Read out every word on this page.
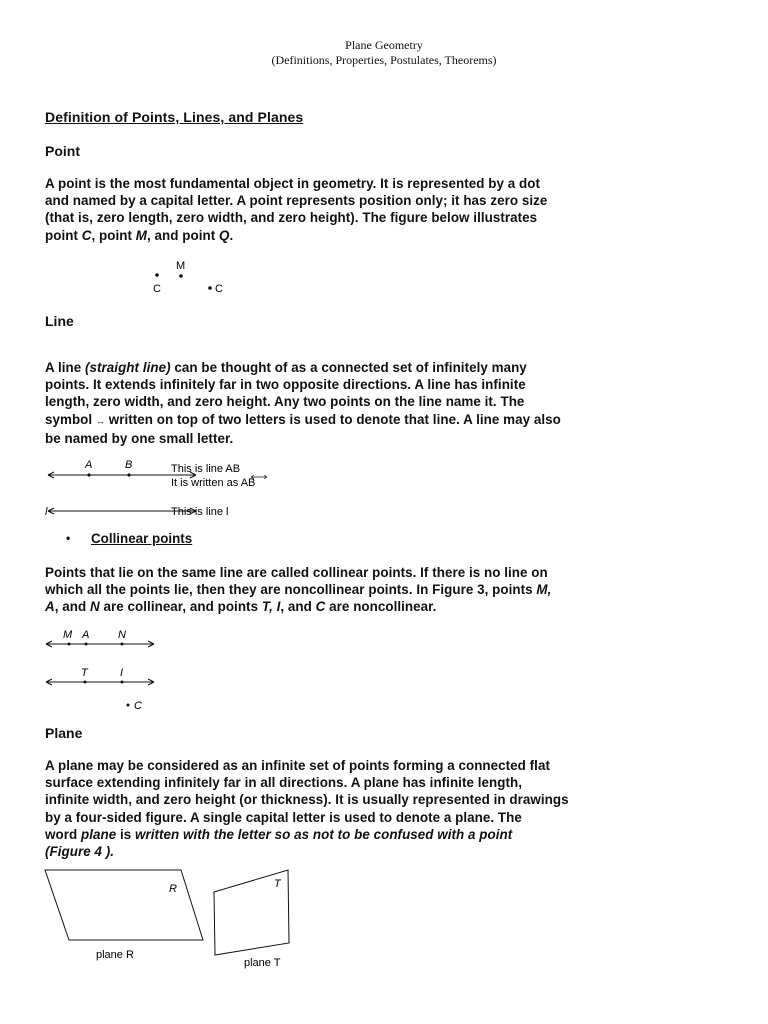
Plane Geometry
(Definitions, Properties, Postulates, Theorems)
Definition of Points, Lines, and Planes
Point
A point is the most fundamental object in geometry. It is represented by a dot
and named by a capital letter. A point represents position only; it has zero size
(that is, zero length, zero width, and zero height). The figure below illustrates
point C, point M, and point Q.
M
C	C
Line
A line (straight line) can be thought of as a connected set of infinitely many
points. It extends infinitely far in two opposite directions. A line has infinite
length, zero width, and zero height. Any two points on the line name it. The
symbol ↔ written on top of two letters is used to denote that line. A line may also
be named by one small letter.
A	B	This is line AB
It is written as AB
l	This is line l
• Collinear points
Points that lie on the same line are called collinear points. If there is no line on
which all the points lie, then they are noncollinear points. In Figure 3, points M,
A, and N are collinear, and points T, I, and C are noncollinear.
M A	N
T	I
C
Plane
A plane may be considered as an infinite set of points forming a connected flat
surface extending infinitely far in all directions. A plane has infinite length,
infinite width, and zero height (or thickness). It is usually represented in drawings
by a four-sided figure. A single capital letter is used to denote a plane. The
word plane is written with the letter so as not to be confused with a point
(Figure 4 ).
R
plane R
T
plane T
